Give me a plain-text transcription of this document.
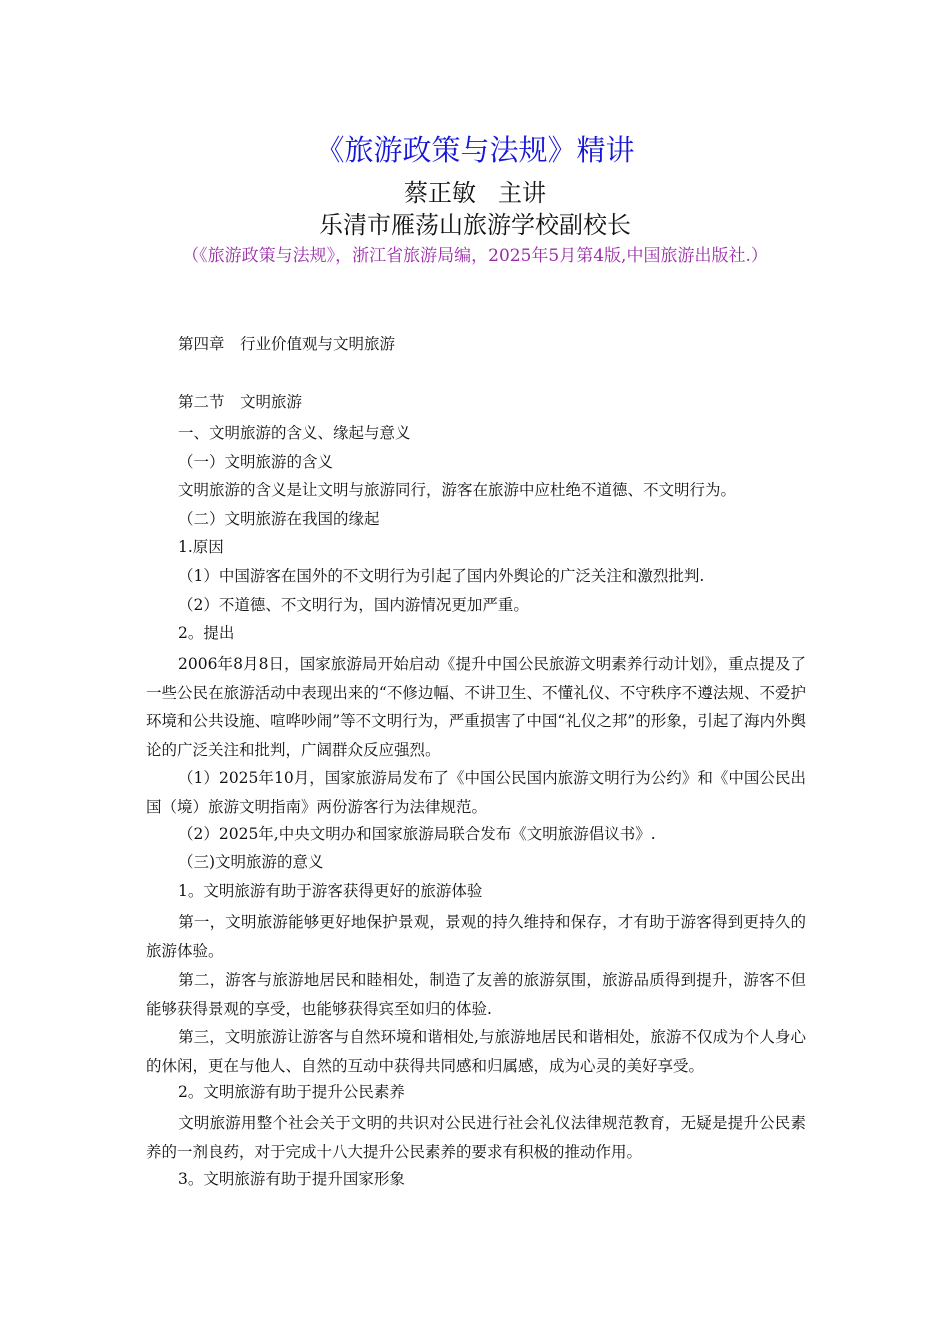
《旅游政策与法规》精讲
蔡正敏 主讲
乐清市雁荡山旅游学校副校长
（《旅游政策与法规》，浙江省旅游局编，2025年5月第4版,中国旅游出版社.）
第四章　行业价值观与文明旅游
第二节　文明旅游
一、文明旅游的含义、缘起与意义
（一）文明旅游的含义
文明旅游的含义是让文明与旅游同行，游客在旅游中应杜绝不道德、不文明行为。
（二）文明旅游在我国的缘起
1.原因
（1）中国游客在国外的不文明行为引起了国内外舆论的广泛关注和激烈批判.
（2）不道德、不文明行为，国内游情况更加严重。
2。提出
2006年8月8日，国家旅游局开始启动《提升中国公民旅游文明素养行动计划》，重点提及了一些公民在旅游活动中表现出来的“不修边幅、不讲卫生、不懂礼仪、不守秩序不遵法规、不爱护环境和公共设施、喧哗吵闹”等不文明行为，严重损害了中国“礼仪之邦”的形象，引起了海内外舆论的广泛关注和批判，广阔群众反应强烈。
（1）2025年10月，国家旅游局发布了《中国公民国内旅游文明行为公约》和《中国公民出国（境）旅游文明指南》两份游客行为法律规范。
（2）2025年,中央文明办和国家旅游局联合发布《文明旅游倡议书》.
（三)文明旅游的意义
1。文明旅游有助于游客获得更好的旅游体验
第一，文明旅游能够更好地保护景观，景观的持久维持和保存，才有助于游客得到更持久的旅游体验。
第二，游客与旅游地居民和睦相处，制造了友善的旅游氛围，旅游品质得到提升，游客不但能够获得景观的享受，也能够获得宾至如归的体验.
第三，文明旅游让游客与自然环境和谐相处,与旅游地居民和谐相处，旅游不仅成为个人身心的休闲，更在与他人、自然的互动中获得共同感和归属感，成为心灵的美好享受。
2。文明旅游有助于提升公民素养
文明旅游用整个社会关于文明的共识对公民进行社会礼仪法律规范教育，无疑是提升公民素养的一剂良药，对于完成十八大提升公民素养的要求有积极的推动作用。
3。文明旅游有助于提升国家形象
